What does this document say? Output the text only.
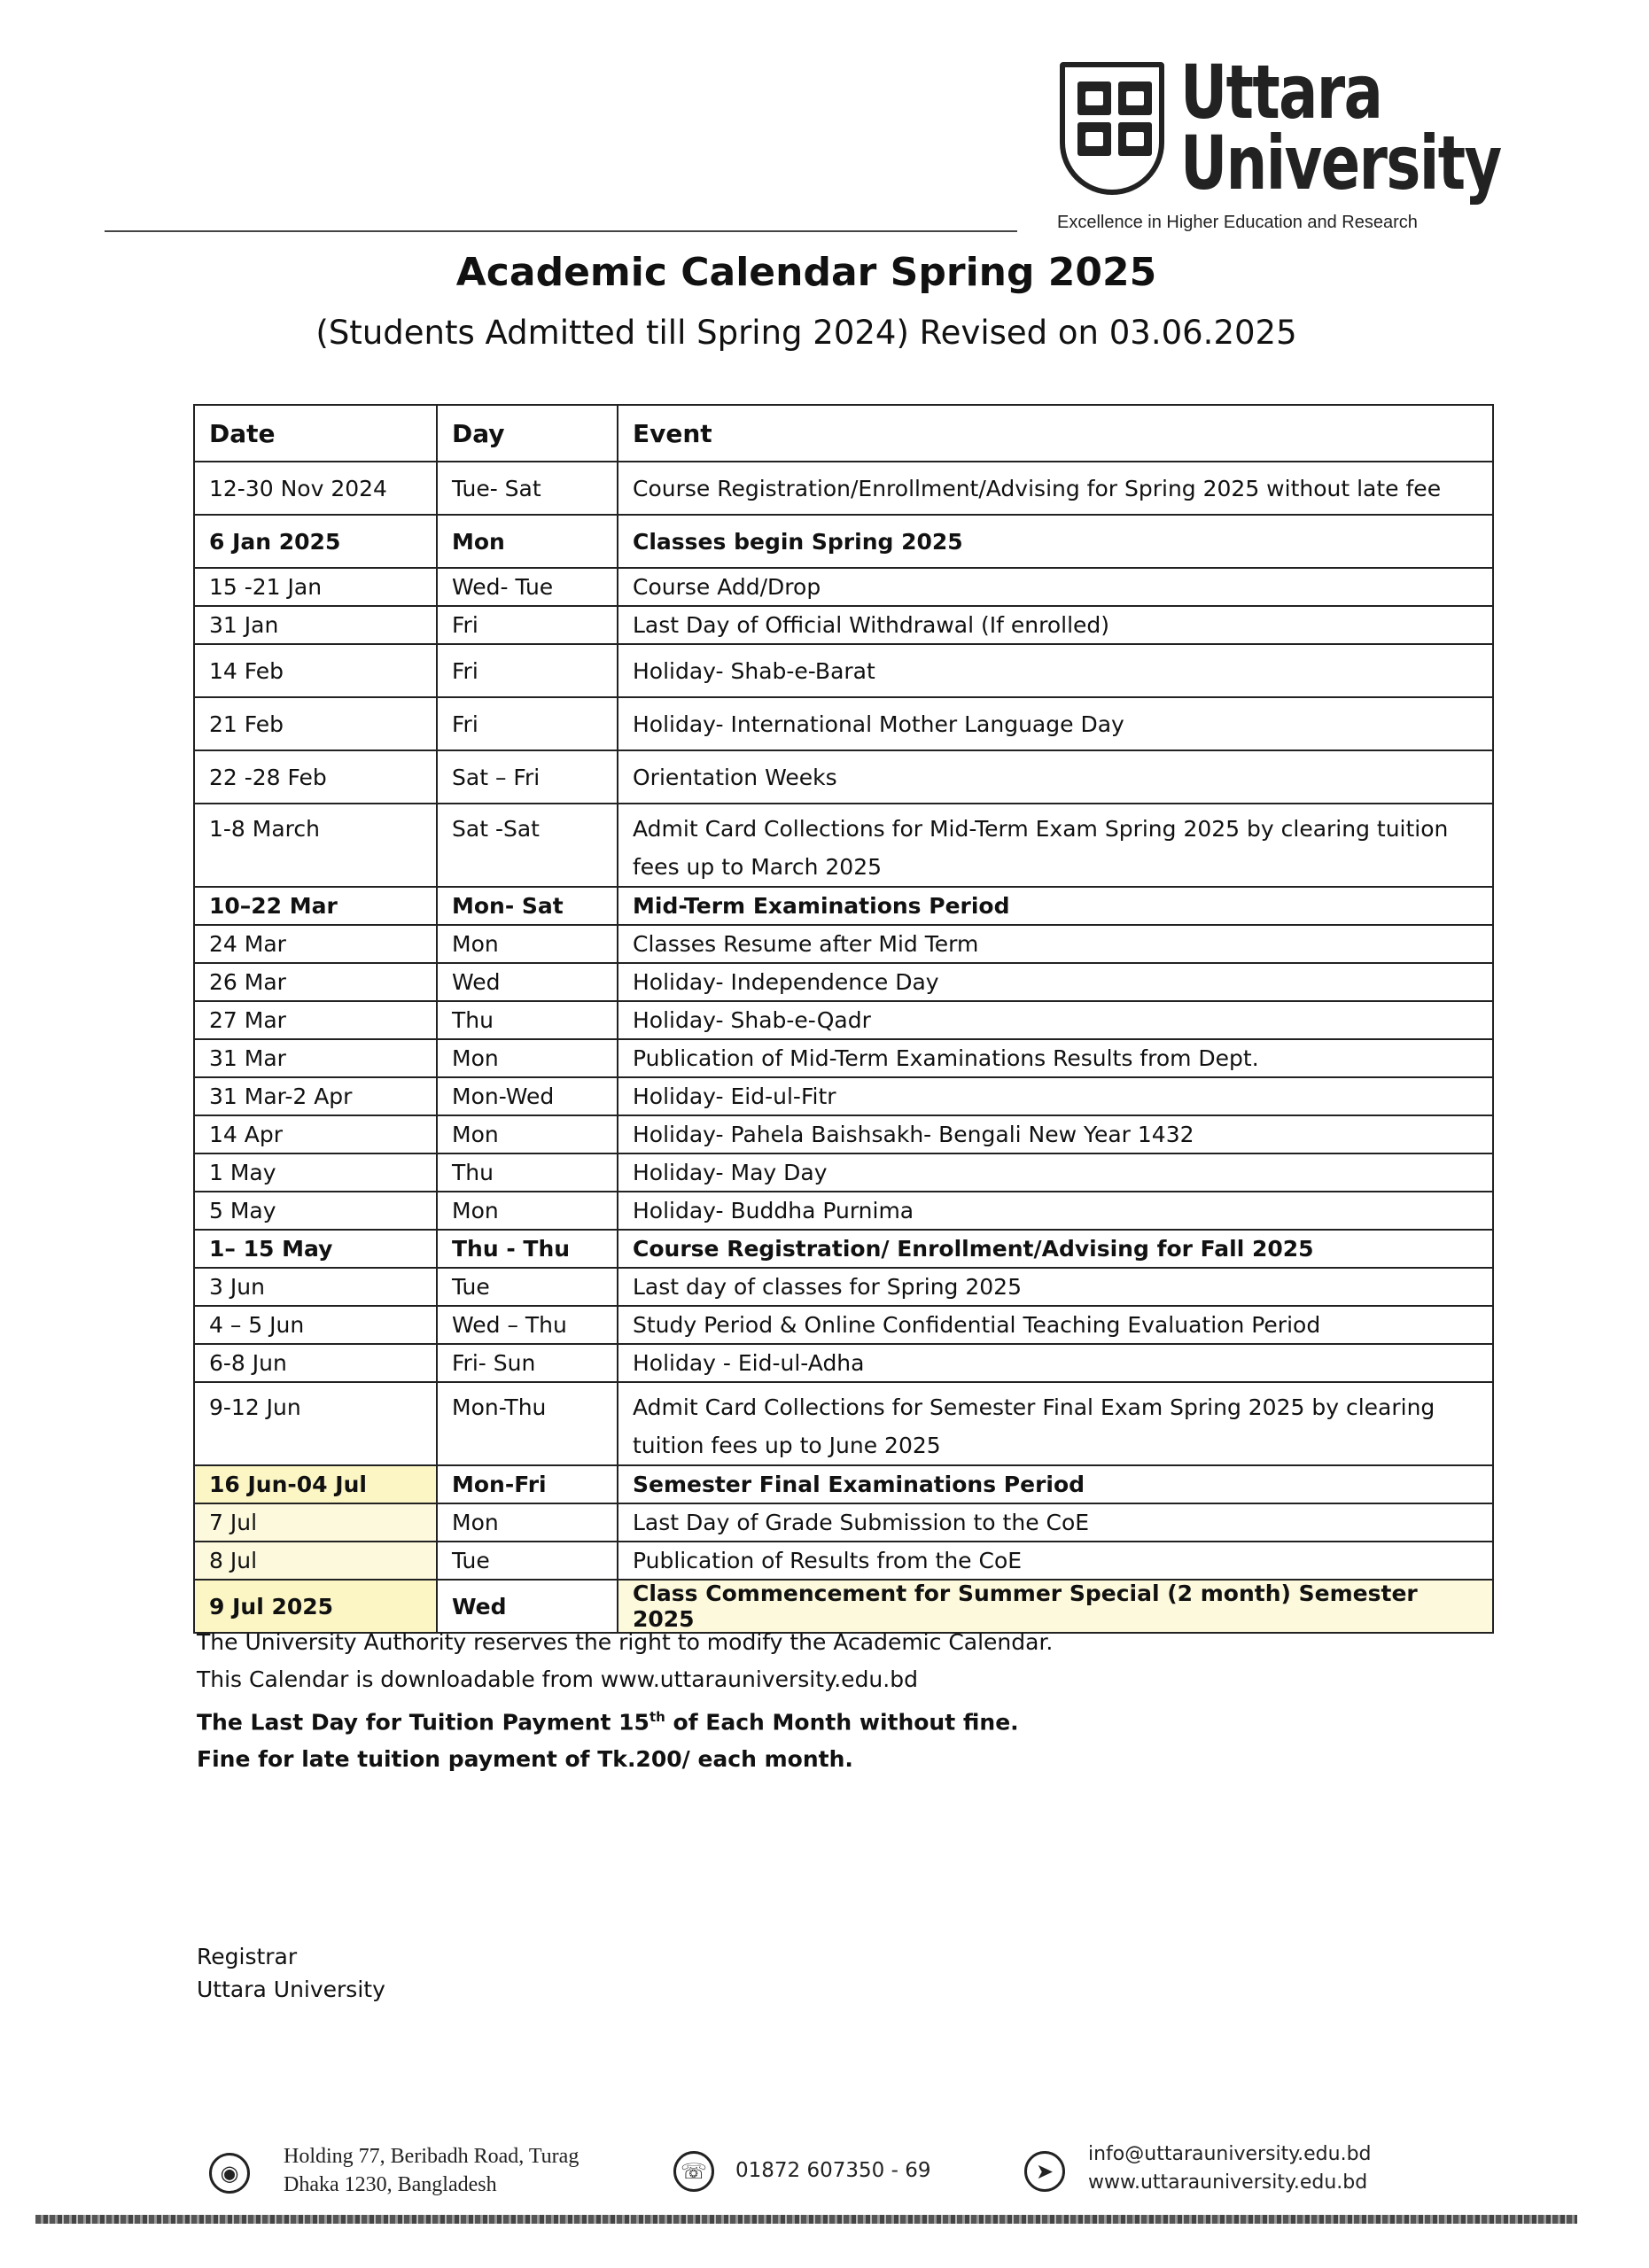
Uttara
University
Excellence in Higher Education and Research
Academic Calendar Spring 2025
(Students Admitted till Spring 2024) Revised on 03.06.2025
Date	Day	Event
12-30 Nov 2024	Tue- Sat	Course Registration/Enrollment/Advising for Spring 2025 without late fee
6 Jan 2025	Mon	Classes begin Spring 2025
15 -21 Jan	Wed- Tue	Course Add/Drop
31 Jan	Fri	Last Day of Official Withdrawal (If enrolled)
14 Feb	Fri	Holiday- Shab-e-Barat
21 Feb	Fri	Holiday- International Mother Language Day
22 -28 Feb	Sat – Fri	Orientation Weeks
1-8 March	Sat -Sat	Admit Card Collections for Mid-Term Exam Spring 2025 by clearing tuition fees up to March 2025
10–22 Mar	Mon- Sat	Mid-Term Examinations Period
24 Mar	Mon	Classes Resume after Mid Term
26 Mar	Wed	Holiday- Independence Day
27 Mar	Thu	Holiday- Shab-e-Qadr
31 Mar	Mon	Publication of Mid-Term Examinations Results from Dept.
31 Mar-2 Apr	Mon-Wed	Holiday- Eid-ul-Fitr
14 Apr	Mon	Holiday- Pahela Baishsakh- Bengali New Year 1432
1 May	Thu	Holiday- May Day
5 May	Mon	Holiday- Buddha Purnima
1– 15 May	Thu - Thu	Course Registration/ Enrollment/Advising for Fall 2025
3 Jun	Tue	Last day of classes for Spring 2025
4 – 5 Jun	Wed – Thu	Study Period & Online Confidential Teaching Evaluation Period
6-8 Jun	Fri- Sun	Holiday - Eid-ul-Adha
9-12 Jun	Mon-Thu	Admit Card Collections for Semester Final Exam Spring 2025 by clearing tuition fees up to June 2025
16 Jun-04 Jul	Mon-Fri	Semester Final Examinations Period
7 Jul	Mon	Last Day of Grade Submission to the CoE
8 Jul	Tue	Publication of Results from the CoE
9 Jul 2025	Wed	Class Commencement for Summer Special (2 month) Semester 2025
The University Authority reserves the right to modify the Academic Calendar.
This Calendar is downloadable from www.uttarauniversity.edu.bd
The Last Day for Tuition Payment 15th of Each Month without fine.
Fine for late tuition payment of Tk.200/ each month.
Registrar
Uttara University
◉
Holding 77, Beribadh Road, Turag
Dhaka 1230, Bangladesh
☏	01872 607350 - 69	➤
info@uttarauniversity.edu.bd
www.uttarauniversity.edu.bd
